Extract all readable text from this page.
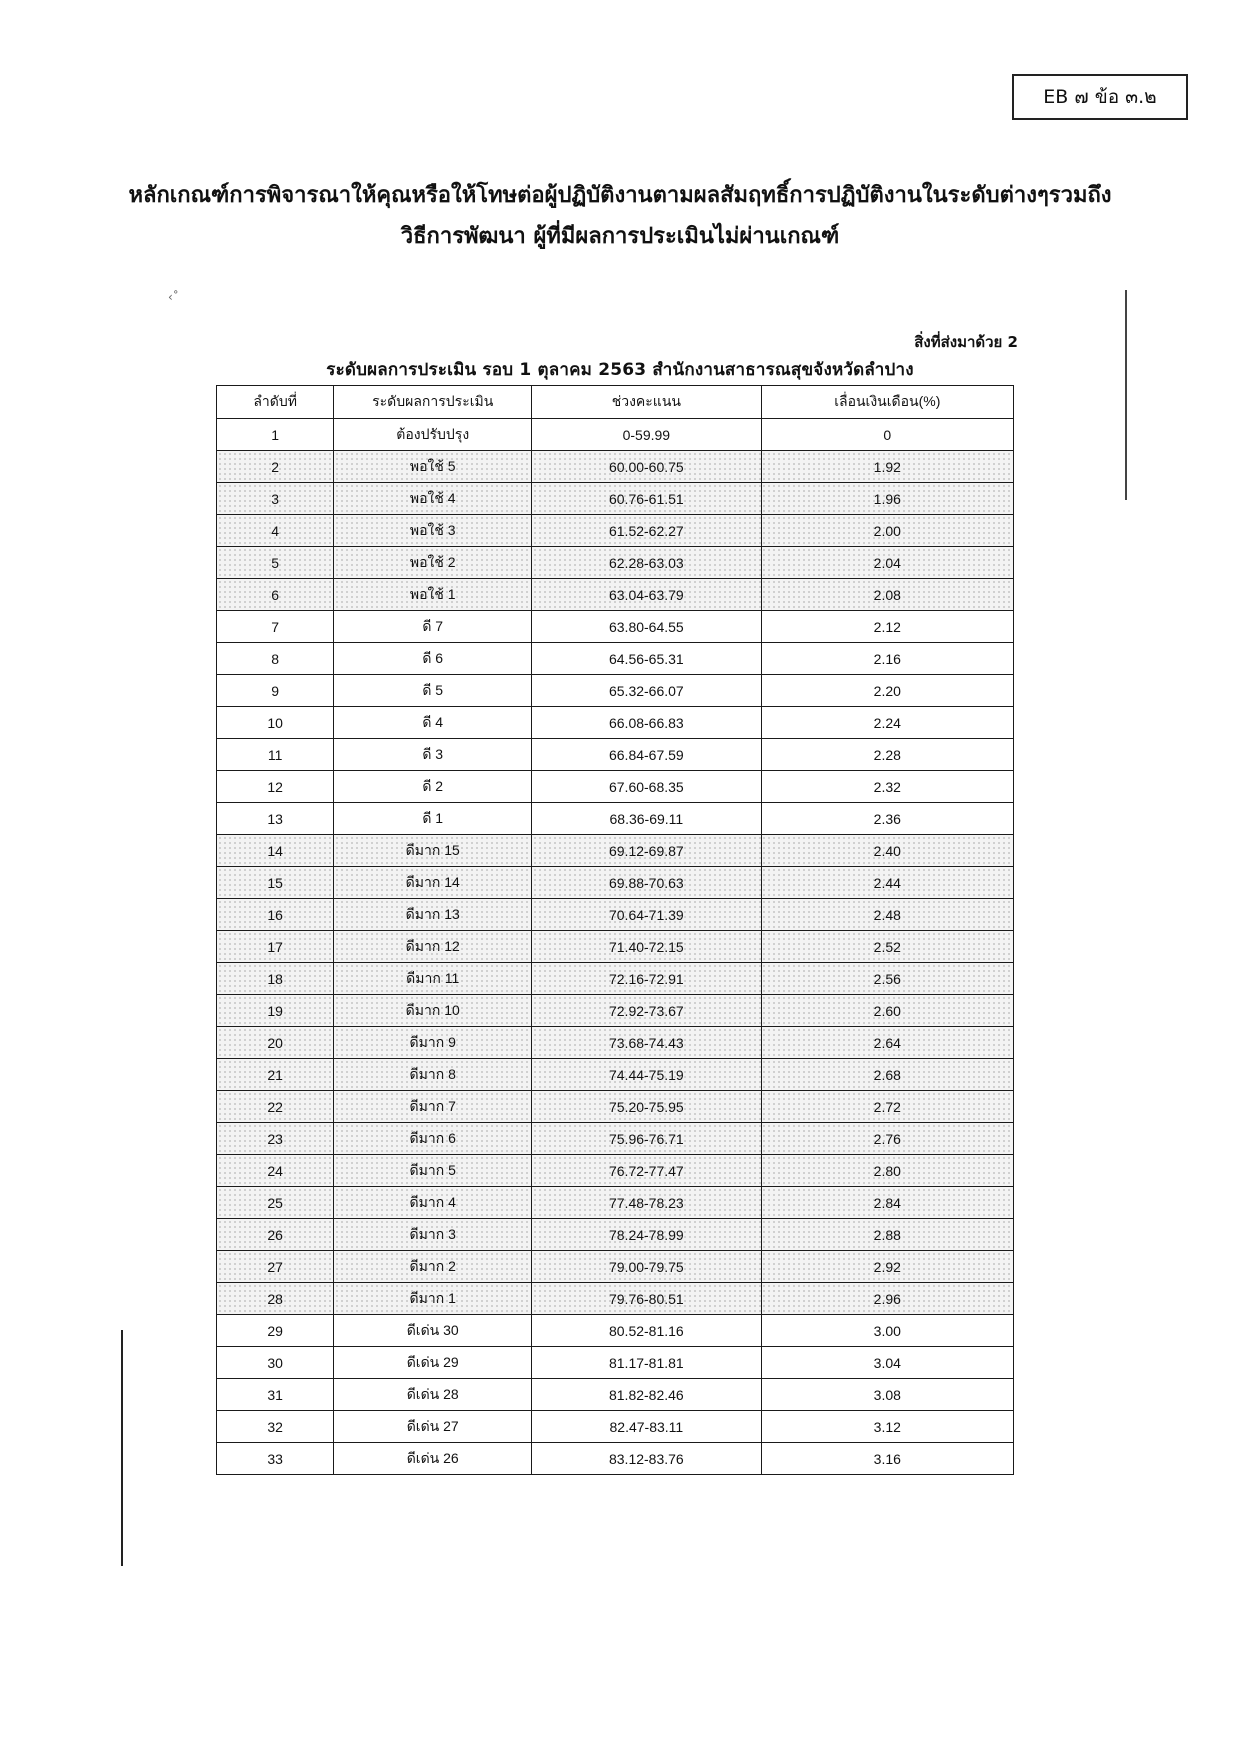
EB ๗ ข้อ ๓.๒
หลักเกณฑ์การพิจารณาให้คุณหรือให้โทษต่อผู้ปฏิบัติงานตามผลสัมฤทธิ์การปฏิบัติงานในระดับต่างๆรวมถึง
วิธีการพัฒนา ผู้ที่มีผลการประเมินไม่ผ่านเกณฑ์
‹˚
สิ่งที่ส่งมาด้วย 2
ระดับผลการประเมิน รอบ 1 ตุลาคม 2563 สำนักงานสาธารณสุขจังหวัดลำปาง
ลำดับที่	ระดับผลการประเมิน	ช่วงคะแนน	เลื่อนเงินเดือน(%)
1	ต้องปรับปรุง	0-59.99	0
2	พอใช้ 5	60.00-60.75	1.92
3	พอใช้ 4	60.76-61.51	1.96
4	พอใช้ 3	61.52-62.27	2.00
5	พอใช้ 2	62.28-63.03	2.04
6	พอใช้ 1	63.04-63.79	2.08
7	ดี 7	63.80-64.55	2.12
8	ดี 6	64.56-65.31	2.16
9	ดี 5	65.32-66.07	2.20
10	ดี 4	66.08-66.83	2.24
11	ดี 3	66.84-67.59	2.28
12	ดี 2	67.60-68.35	2.32
13	ดี 1	68.36-69.11	2.36
14	ดีมาก 15	69.12-69.87	2.40
15	ดีมาก 14	69.88-70.63	2.44
16	ดีมาก 13	70.64-71.39	2.48
17	ดีมาก 12	71.40-72.15	2.52
18	ดีมาก 11	72.16-72.91	2.56
19	ดีมาก 10	72.92-73.67	2.60
20	ดีมาก 9	73.68-74.43	2.64
21	ดีมาก 8	74.44-75.19	2.68
22	ดีมาก 7	75.20-75.95	2.72
23	ดีมาก 6	75.96-76.71	2.76
24	ดีมาก 5	76.72-77.47	2.80
25	ดีมาก 4	77.48-78.23	2.84
26	ดีมาก 3	78.24-78.99	2.88
27	ดีมาก 2	79.00-79.75	2.92
28	ดีมาก 1	79.76-80.51	2.96
29	ดีเด่น 30	80.52-81.16	3.00
30	ดีเด่น 29	81.17-81.81	3.04
31	ดีเด่น 28	81.82-82.46	3.08
32	ดีเด่น 27	82.47-83.11	3.12
33	ดีเด่น 26	83.12-83.76	3.16
